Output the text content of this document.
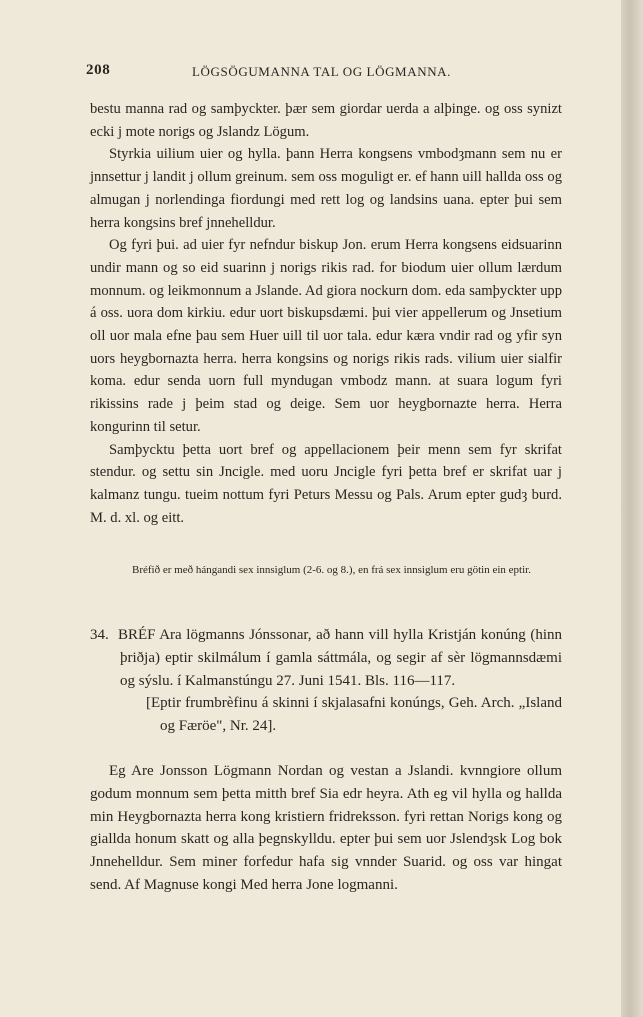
208	LÖGSÖGUMANNA TAL OG LÖGMANNA.

bestu manna rad og samþyckter. þær sem giordar uerda a alþinge. og oss synizt ecki j mote norigs og Jslandz Lögum.

Styrkia uilium uier og hylla. þann Herra kongsens vmbodȝmann sem nu er jnnsettur j landit j ollum greinum. sem oss moguligt er. ef hann uill hallda oss og almugan j norlendinga fiordungi med rett log og landsins uana. epter þui sem herra kongsins bref jnnehelldur.

Og fyri þui. ad uier fyr nefndur biskup Jon. erum Herra kongsens eidsuarinn undir mann og so eid suarinn j norigs rikis rad. for biodum uier ollum lærdum monnum. og leikmonnum a Jslande. Ad giora nockurn dom. eda samþyckter upp á oss. uora dom kirkiu. edur uort biskupsdæmi. þui vier appellerum og Jnsetium oll uor mala efne þau sem Huer uill til uor tala. edur kæra vndir rad og yfir syn uors heygbornazta herra. herra kongsins og norigs rikis rads. vilium uier sialfir koma. edur senda uorn full myndugan vmbodz mann. at suara logum fyri rikissins rade j þeim stad og deige. Sem uor heygbornazte herra. Herra kongurinn til setur.

Samþycktu þetta uort bref og appellacionem þeir menn sem fyr skrifat stendur. og settu sin Jncigle. med uoru Jncigle fyri þetta bref er skrifat uar j kalmanz tungu. tueim nottum fyri Peturs Messu og Pals. Arum epter gudȝ burd. M. d. xl. og eitt.

Bréfið er með hángandi sex innsiglum (2-6. og 8.), en frá sex innsiglum eru götin ein eptir.

34. BRÉF Ara lögmanns Jónssonar, að hann vill hylla Kristján konúng (hinn þriðja) eptir skilmálum í gamla sáttmála, og segir af sèr lögmannsdæmi og sýslu. í Kalmanstúngu 27. Juni 1541. Bls. 116—117.

[Eptir frumbrèfinu á skinni í skjalasafni konúngs, Geh. Arch. „Island og Færöe", Nr. 24].

Eg Are Jonsson Lögmann Nordan og vestan a Jslandi. kvnngiore ollum godum monnum sem þetta mitth bref Sia edr heyra. Ath eg vil hylla og hallda min Heygbornazta herra kong kristiern fridreksson. fyri rettan Norigs kong og giallda honum skatt og alla þegnskylldu. epter þui sem uor Jslendȝsk Log bok Jnnehelldur. Sem miner forfedur hafa sig vnnder Suarid. og oss var hingat send. Af Magnuse kongi Med herra Jone logmanni.
